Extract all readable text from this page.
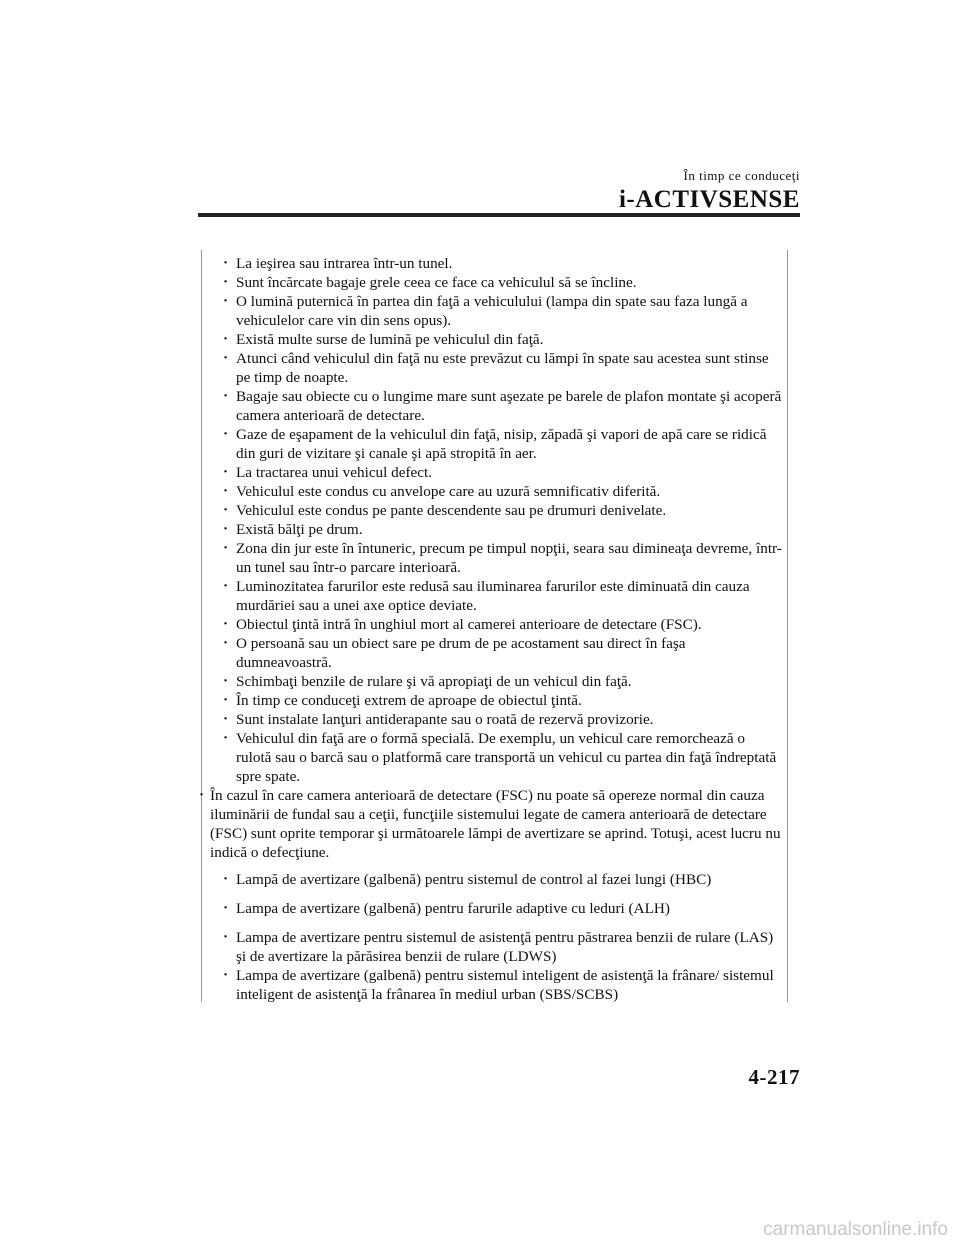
În timp ce conduceţi
i-ACTIVSENSE
· La ieşirea sau intrarea într-un tunel.
· Sunt încărcate bagaje grele ceea ce face ca vehiculul să se încline.
· O lumină puternică în partea din faţă a vehiculului (lampa din spate sau faza lungă a vehiculelor care vin din sens opus).
· Există multe surse de lumină pe vehiculul din faţă.
· Atunci când vehiculul din faţă nu este prevăzut cu lămpi în spate sau acestea sunt stinse pe timp de noapte.
· Bagaje sau obiecte cu o lungime mare sunt aşezate pe barele de plafon montate şi acoperă camera anterioară de detectare.
· Gaze de eşapament de la vehiculul din faţă, nisip, zăpadă şi vapori de apă care se ridică din guri de vizitare şi canale şi apă stropită în aer.
· La tractarea unui vehicul defect.
· Vehiculul este condus cu anvelope care au uzură semnificativ diferită.
· Vehiculul este condus pe pante descendente sau pe drumuri denivelate.
· Există bălţi pe drum.
· Zona din jur este în întuneric, precum pe timpul nopţii, seara sau dimineaţa devreme, într-un tunel sau într-o parcare interioară.
· Luminozitatea farurilor este redusă sau iluminarea farurilor este diminuată din cauza murdăriei sau a unei axe optice deviate.
· Obiectul ţintă intră în unghiul mort al camerei anterioare de detectare (FSC).
· O persoană sau un obiect sare pe drum de pe acostament sau direct în faşa dumneavoastră.
· Schimbaţi benzile de rulare şi vă apropiaţi de un vehicul din faţă.
· În timp ce conduceţi extrem de aproape de obiectul ţintă.
· Sunt instalate lanţuri antiderapante sau o roată de rezervă provizorie.
· Vehiculul din faţă are o formă specială. De exemplu, un vehicul care remorchează o rulotă sau o barcă sau o platformă care transportă un vehicul cu partea din faţă îndreptată spre spate.
· În cazul în care camera anterioară de detectare (FSC) nu poate să opereze normal din cauza iluminării de fundal sau a ceţii, funcţiile sistemului legate de camera anterioară de detectare (FSC) sunt oprite temporar şi următoarele lămpi de avertizare se aprind. Totuşi, acest lucru nu indică o defecţiune.
· Lampă de avertizare (galbenă) pentru sistemul de control al fazei lungi (HBC)
· Lampa de avertizare (galbenă) pentru farurile adaptive cu leduri (ALH)
· Lampa de avertizare pentru sistemul de asistenţă pentru păstrarea benzii de rulare (LAS) şi de avertizare la părăsirea benzii de rulare (LDWS)
· Lampa de avertizare (galbenă) pentru sistemul inteligent de asistenţă la frânare/ sistemul inteligent de asistenţă la frânarea în mediul urban (SBS/SCBS)
4-217
carmanualsonline.info
